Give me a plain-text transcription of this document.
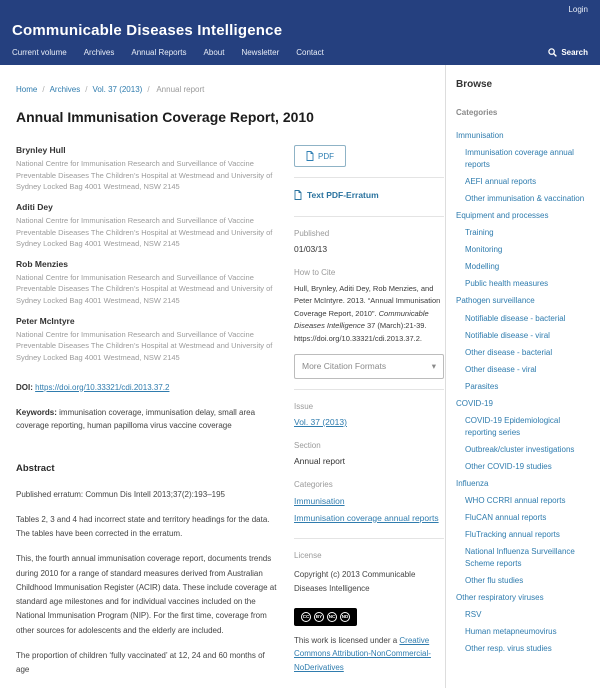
Login
Communicable Diseases Intelligence
Current volume Archives Annual Reports About Newsletter Contact	Search
Home / Archives / Vol. 37 (2013) / Annual report
Annual Immunisation Coverage Report, 2010
Brynley Hull
National Centre for Immunisation Research and Surveillance of Vaccine Preventable Diseases The Children’s Hospital at Westmead and University of Sydney Locked Bag 4001 Westmead, NSW 2145
Aditi Dey
National Centre for Immunisation Research and Surveillance of Vaccine Preventable Diseases The Children’s Hospital at Westmead and University of Sydney Locked Bag 4001 Westmead, NSW 2145
Rob Menzies
National Centre for Immunisation Research and Surveillance of Vaccine Preventable Diseases The Children’s Hospital at Westmead and University of Sydney Locked Bag 4001 Westmead, NSW 2145
Peter McIntyre
National Centre for Immunisation Research and Surveillance of Vaccine Preventable Diseases The Children’s Hospital at Westmead and University of Sydney Locked Bag 4001 Westmead, NSW 2145
DOI: https://doi.org/10.33321/cdi.2013.37.2
Keywords: immunisation coverage, immunisation delay, small area coverage reporting, human papilloma virus vaccine coverage
Abstract

Published erratum: Commun Dis Intell 2013;37(2):193–195

Tables 2, 3 and 4 had incorrect state and territory headings for the data. The tables have been corrected in the erratum.

This, the fourth annual immunisation coverage report, documents trends during 2010 for a range of standard measures derived from Australian Childhood Immunisation Register (ACIR) data. These include coverage at standard age milestones and for individual vaccines included on the National Immunisation Program (NIP). For the first time, coverage from other sources for adolescents and the elderly are included.

The proportion of children ‘fully vaccinated’ at 12, 24 and 60 months of age

PDF
Text PDF-Erratum
Published
01/03/13
How to Cite
Hull, Brynley, Aditi Dey, Rob Menzies, and Peter McIntyre. 2013. “Annual Immunisation Coverage Report, 2010”. Communicable Diseases Intelligence 37 (March):21-39. https://doi.org/10.33321/cdi.2013.37.2.
More Citation Formats	▾
Issue
Vol. 37 (2013)
Section
Annual report
Categories
Immunisation
Immunisation coverage annual reports
License
Copyright (c) 2013 Communicable Diseases Intelligence
CC	BY	NC	ND
This work is licensed under a Creative Commons Attribution-NonCommercial-NoDerivatives
Browse
Categories
Immunisation
Immunisation coverage annual reports
AEFI annual reports
Other immunisation & vaccination
Equipment and processes
Training
Monitoring
Modelling
Public health measures
Pathogen surveillance
Notifiable disease - bacterial
Notifiable disease - viral
Other disease - bacterial
Other disease - viral
Parasites
COVID-19
COVID-19 Epidemiological reporting series
Outbreak/cluster investigations
Other COVID-19 studies
Influenza
WHO CCRRI annual reports
FluCAN annual reports
FluTracking annual reports
National Influenza Surveillance Scheme reports
Other flu studies
Other respiratory viruses
RSV
Human metapneumovirus
Other resp. virus studies
